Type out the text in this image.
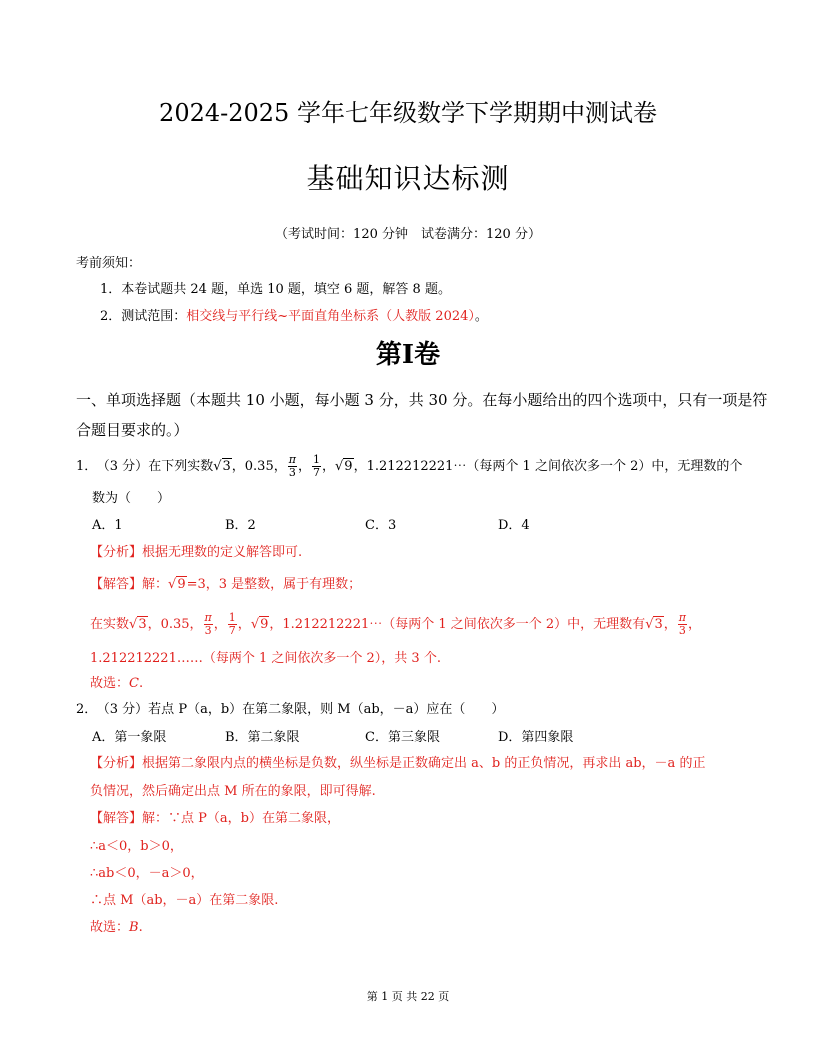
2024-2025 学年七年级数学下学期期中测试卷
基础知识达标测
（考试时间：120 分钟　试卷满分：120 分）
考前须知：
1．本卷试题共 24 题，单选 10 题，填空 6 题，解答 8 题。
2．测试范围：相交线与平行线~平面直角坐标系（人教版 2024）。
第Ⅰ卷
一、单项选择题（本题共 10 小题，每小题 3 分，共 30 分。在每小题给出的四个选项中，只有一项是符
合题目要求的。）
1． （3 分）在下列实数√3，0.35， $\frac{\pi}{3}$ ， $\frac{1}{7}$ ，√9，1.212212221⋯（每两个 1 之间依次多一个 2）中，无理数的个
数为（　　）
A．1	B．2	C．3	D．4
【分析】根据无理数的定义解答即可.
【解答】解：√9=3，3 是整数，属于有理数；
在实数√3，0.35， $\frac{\pi}{3}$ ， $\frac{1}{7}$ ，√9，1.212212221⋯（每两个 1 之间依次多一个 2）中，无理数有√3， $\frac{\pi}{3}$ ，
1.212212221……（每两个 1 之间依次多一个 2），共 3 个.
故选：C.
2． （3 分）若点 P（a，b）在第二象限，则 M（ab，－a）应在（　　）
A．第一象限	B．第二象限	C．第三象限	D．第四象限
【分析】根据第二象限内点的横坐标是负数，纵坐标是正数确定出 a、b 的正负情况，再求出 ab，－a 的正
负情况，然后确定出点 M 所在的象限，即可得解.
【解答】解：∵点 P（a，b）在第二象限，
∴a＜0，b＞0，
∴ab＜0，－a＞0，
∴点 M（ab，－a）在第二象限.
故选：B.
第 1 页 共 22 页
